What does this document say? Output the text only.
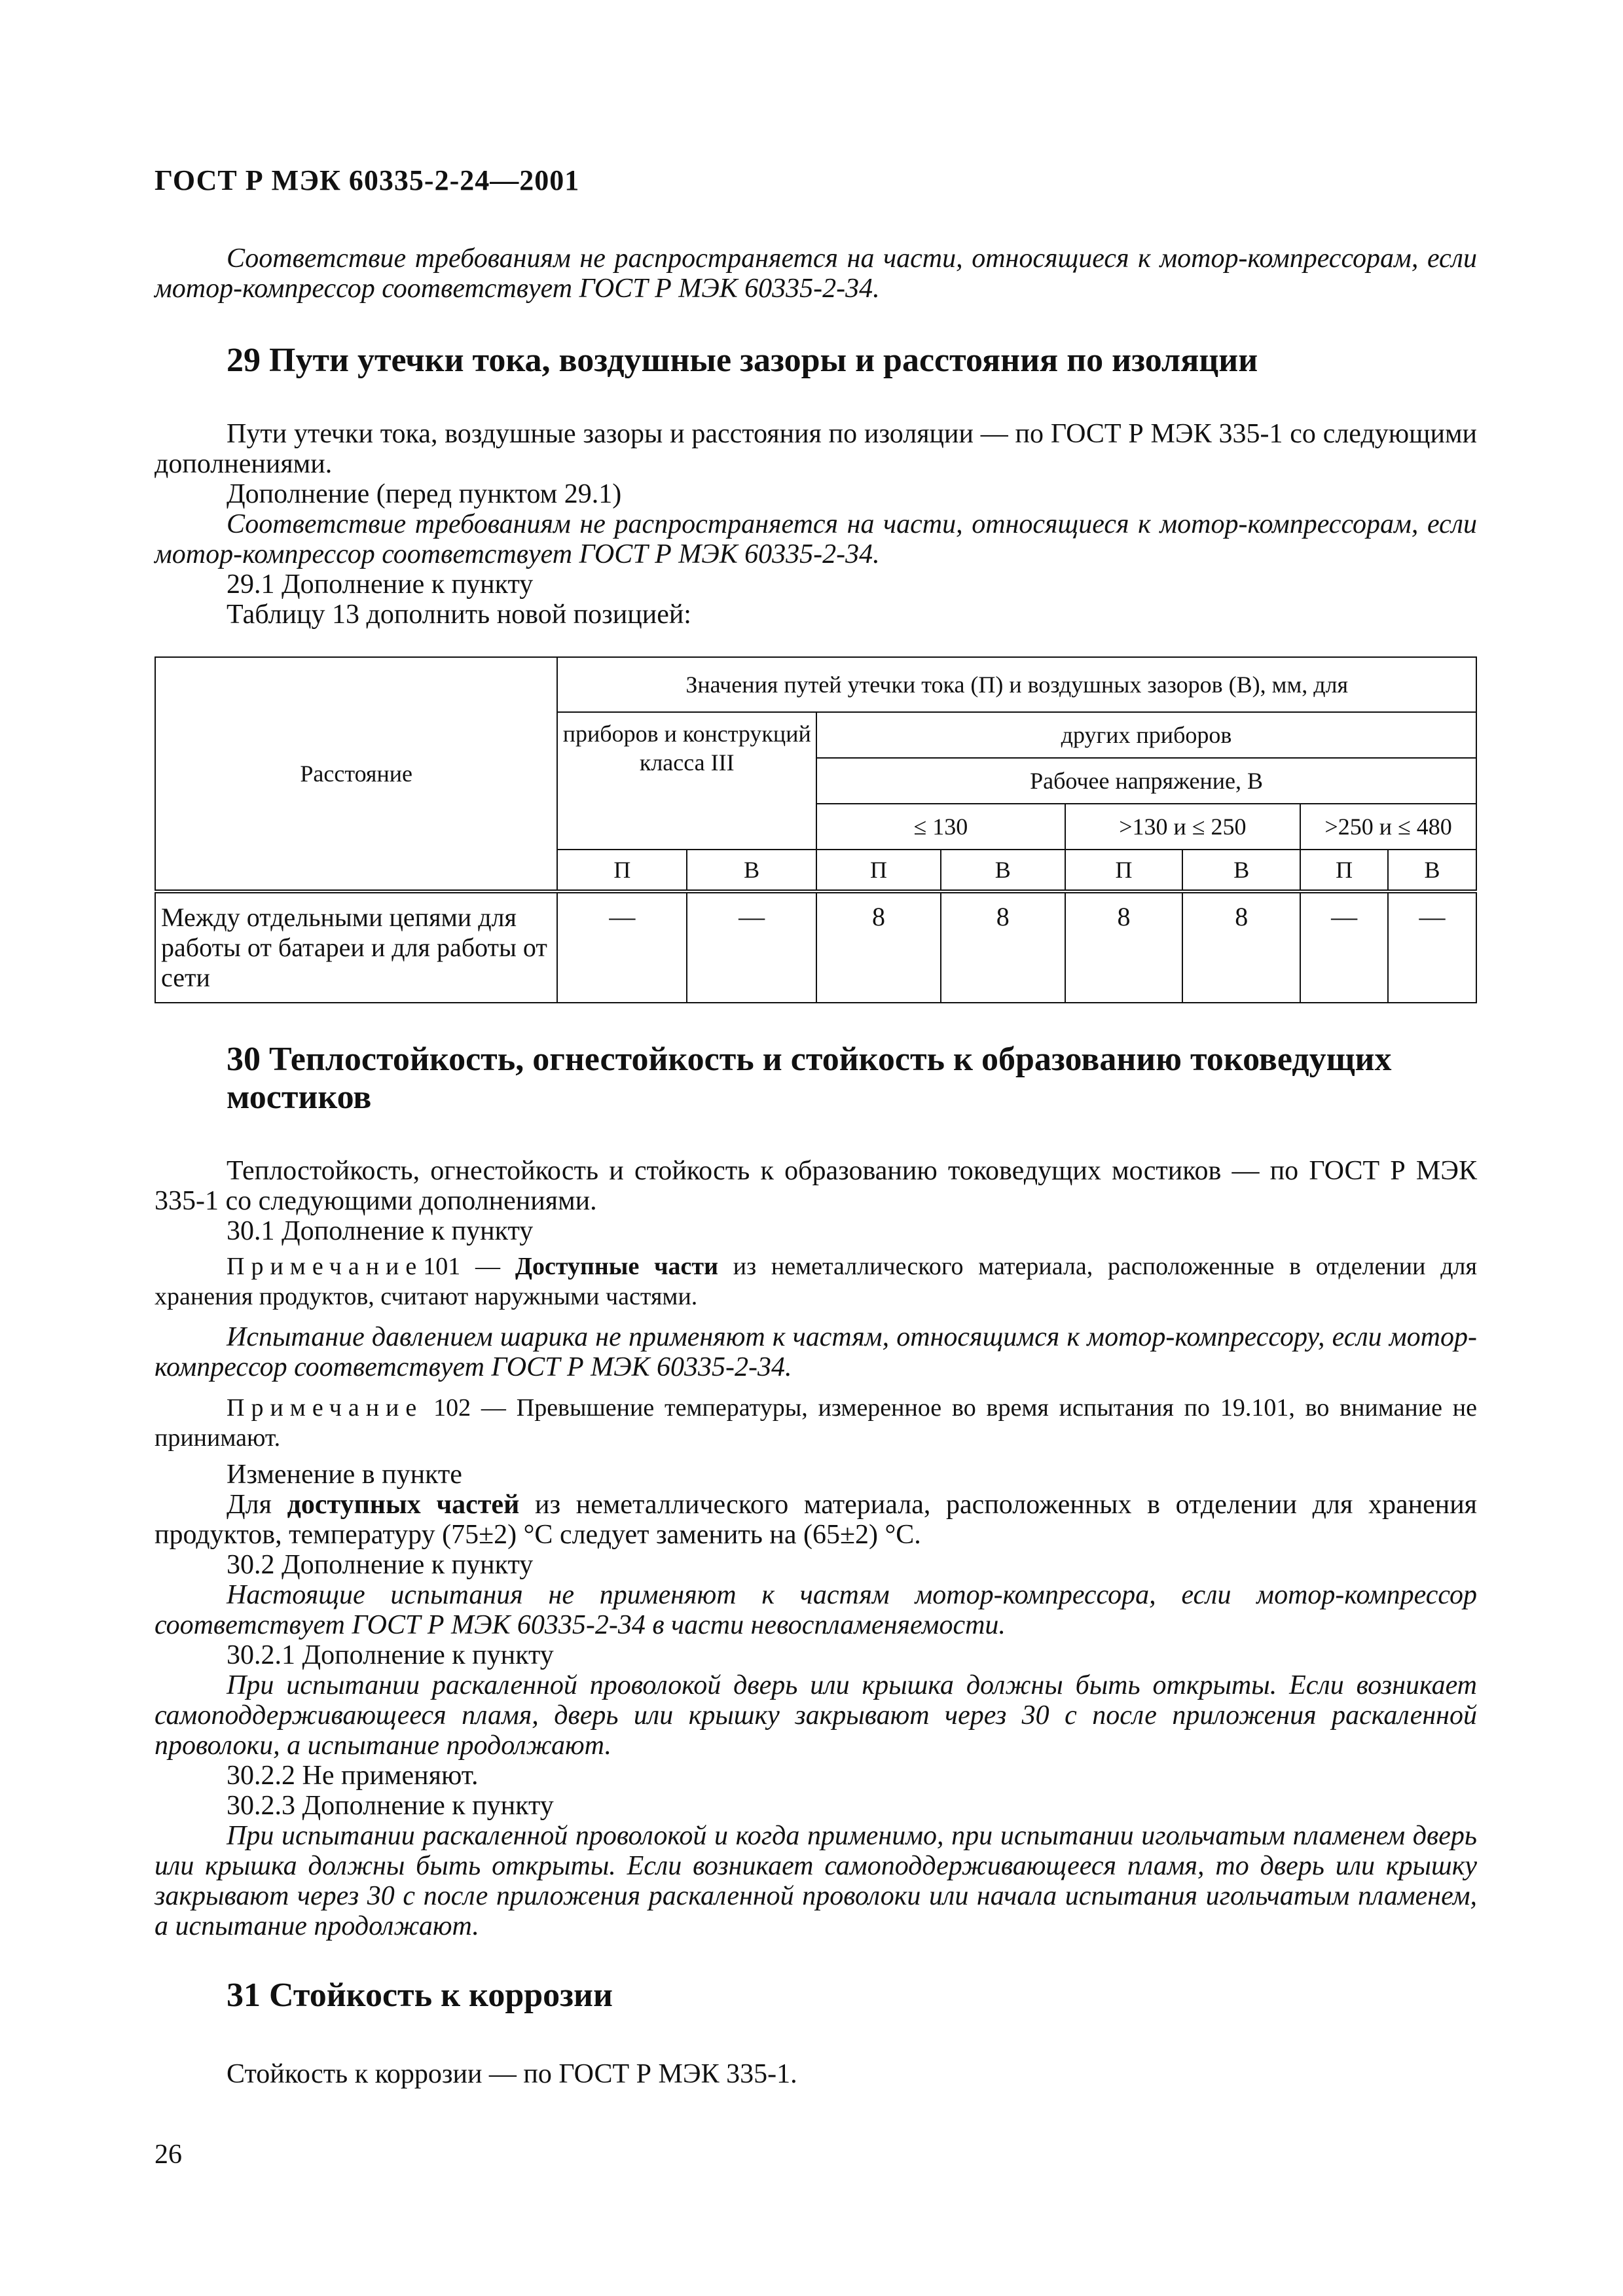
ГОСТ Р МЭК 60335-2-24—2001

Соответствие требованиям не распространяется на части, относящиеся к мотор-компрессорам, если мотор-компрессор соответствует ГОСТ Р МЭК 60335-2-34.

29 Пути утечки тока, воздушные зазоры и расстояния по изоляции

Пути утечки тока, воздушные зазоры и расстояния по изоляции — по ГОСТ Р МЭК 335-1 со следующими дополнениями.

Дополнение (перед пунктом 29.1)

Соответствие требованиям не распространяется на части, относящиеся к мотор-компрессорам, если мотор-компрессор соответствует ГОСТ Р МЭК 60335-2-34.

29.1 Дополнение к пункту

Таблицу 13 дополнить новой позицией:

Расстояние	Значения путей утечки тока (П) и воздушных зазоров (В), мм, для							
	приборов и конструкций класса III		других приборов					
			Рабочее напряжение, В					
			≤ 130		>130 и ≤ 250		>250 и ≤ 480	
	П	В	П	В	П	В	П	В
Между отдельными цепями для работы от батареи и для работы от сети	—	—	8	8	8	8	—	—

30 Теплостойкость, огнестойкость и стойкость к образованию токоведущих мостиков

Теплостойкость, огнестойкость и стойкость к образованию токоведущих мостиков — по ГОСТ Р МЭК 335-1 со следующими дополнениями.

30.1 Дополнение к пункту

Примечание101 — Доступные части из неметаллического материала, расположенные в отделении для хранения продуктов, считают наружными частями.

Испытание давлением шарика не применяют к частям, относящимся к мотор-компрессору, если мотор-компрессор соответствует ГОСТ Р МЭК 60335-2-34.

Примечание 102 — Превышение температуры, измеренное во время испытания по 19.101, во внимание не принимают.

Изменение в пункте

Для доступных частей из неметаллического материала, расположенных в отделении для хранения продуктов, температуру (75±2) °С следует заменить на (65±2) °С.

30.2 Дополнение к пункту

Настоящие испытания не применяют к частям мотор-компрессора, если мотор-компрессор соответствует ГОСТ Р МЭК 60335-2-34 в части невоспламеняемости.

30.2.1 Дополнение к пункту

При испытании раскаленной проволокой дверь или крышка должны быть открыты. Если возникает самоподдерживающееся пламя, дверь или крышку закрывают через 30 с после приложения раскаленной проволоки, а испытание продолжают.

30.2.2 Не применяют.

30.2.3 Дополнение к пункту

При испытании раскаленной проволокой и когда применимо, при испытании игольчатым пламенем дверь или крышка должны быть открыты. Если возникает самоподдерживающееся пламя, то дверь или крышку закрывают через 30 с после приложения раскаленной проволоки или начала испытания игольчатым пламенем, а испытание продолжают.

31 Стойкость к коррозии

Стойкость к коррозии — по ГОСТ Р МЭК 335-1.

26
